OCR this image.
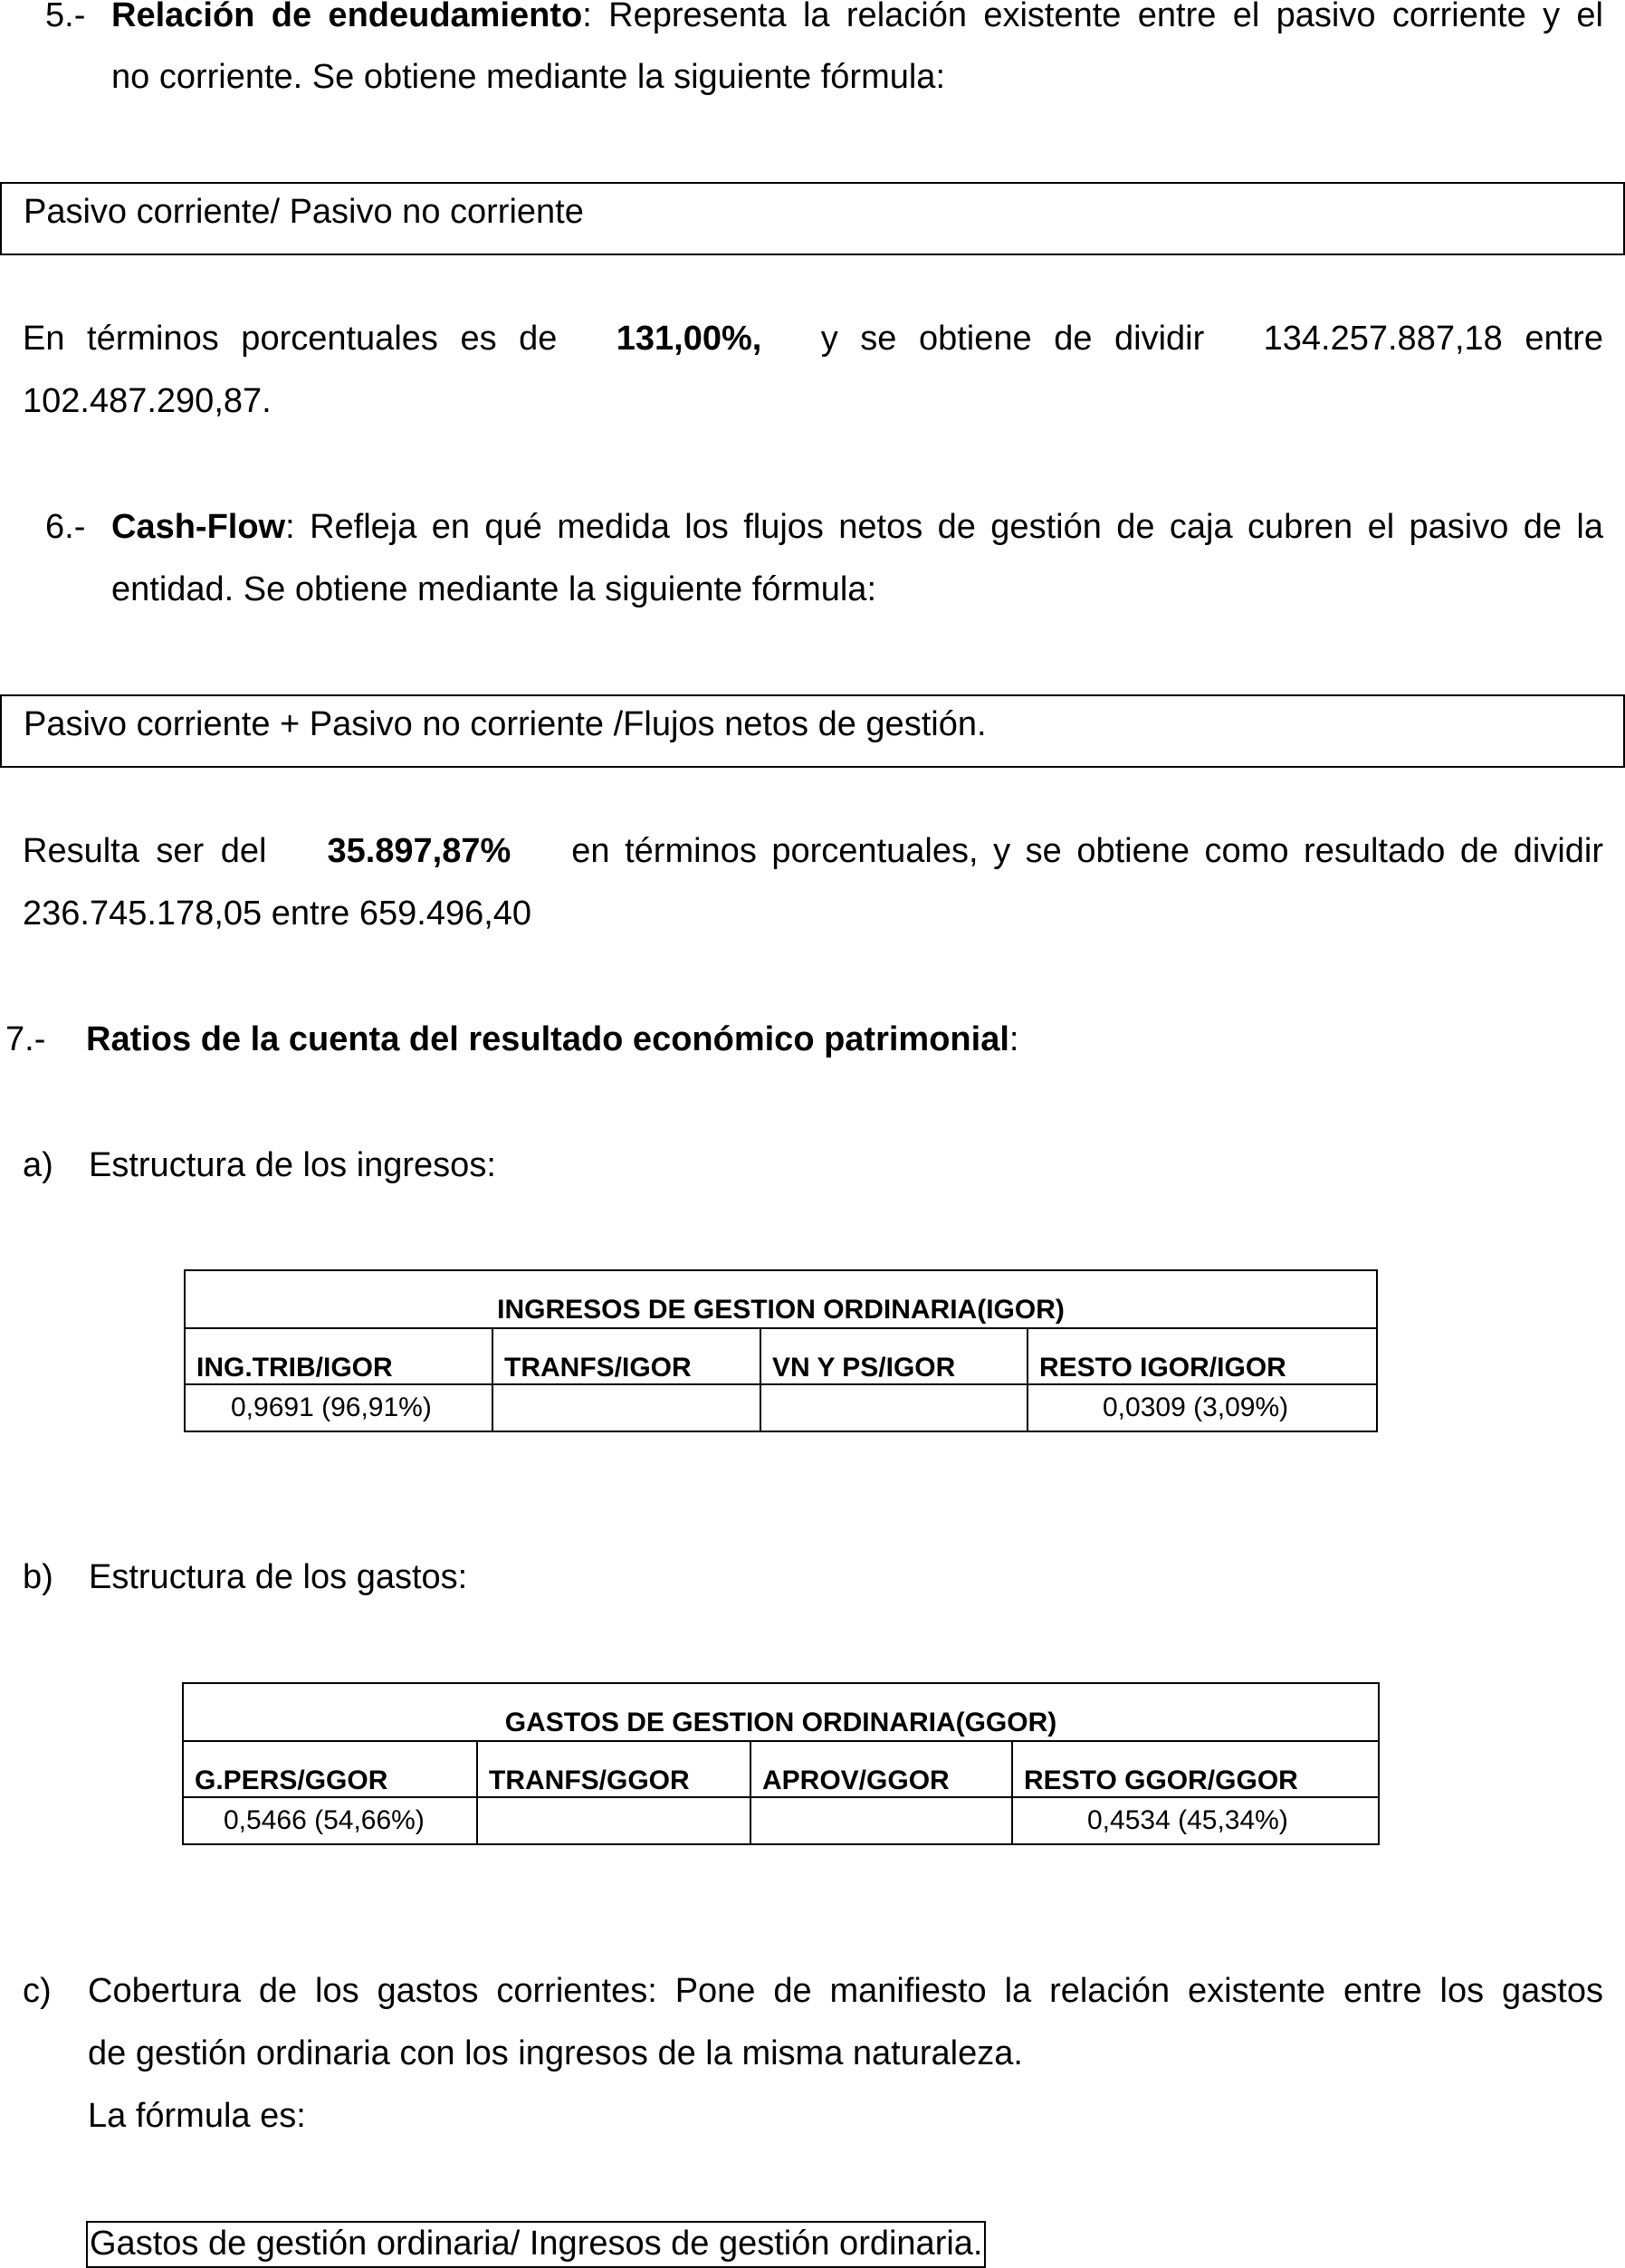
5.- Relación de endeudamiento: Representa la relación existente entre el pasivo corriente y el
no corriente. Se obtiene mediante la siguiente fórmula:
Pasivo corriente/ Pasivo no corriente
En términos porcentuales es de 131,00%, y se obtiene de dividir 134.257.887,18 entre
102.487.290,87.
6.- Cash-Flow: Refleja en qué medida los flujos netos de gestión de caja cubren el pasivo de la
entidad. Se obtiene mediante la siguiente fórmula:
Pasivo corriente + Pasivo no corriente /Flujos netos de gestión.
Resulta ser del 35.897,87% en términos porcentuales, y se obtiene como resultado de dividir
236.745.178,05 entre 659.496,40
7.- Ratios de la cuenta del resultado económico patrimonial:
a) Estructura de los ingresos:
INGRESOS DE GESTION ORDINARIA(IGOR)			
ING.TRIB/IGOR	TRANFS/IGOR	VN Y PS/IGOR	RESTO IGOR/IGOR
0,9691 (96,91%)			0,0309 (3,09%)
b) Estructura de los gastos:
GASTOS DE GESTION ORDINARIA(GGOR)			
G.PERS/GGOR	TRANFS/GGOR	APROV/GGOR	RESTO GGOR/GGOR
0,5466 (54,66%)			0,4534 (45,34%)
c) Cobertura de los gastos corrientes: Pone de manifiesto la relación existente entre los gastos
de gestión ordinaria con los ingresos de la misma naturaleza.
La fórmula es:
Gastos de gestión ordinaria/ Ingresos de gestión ordinaria.
